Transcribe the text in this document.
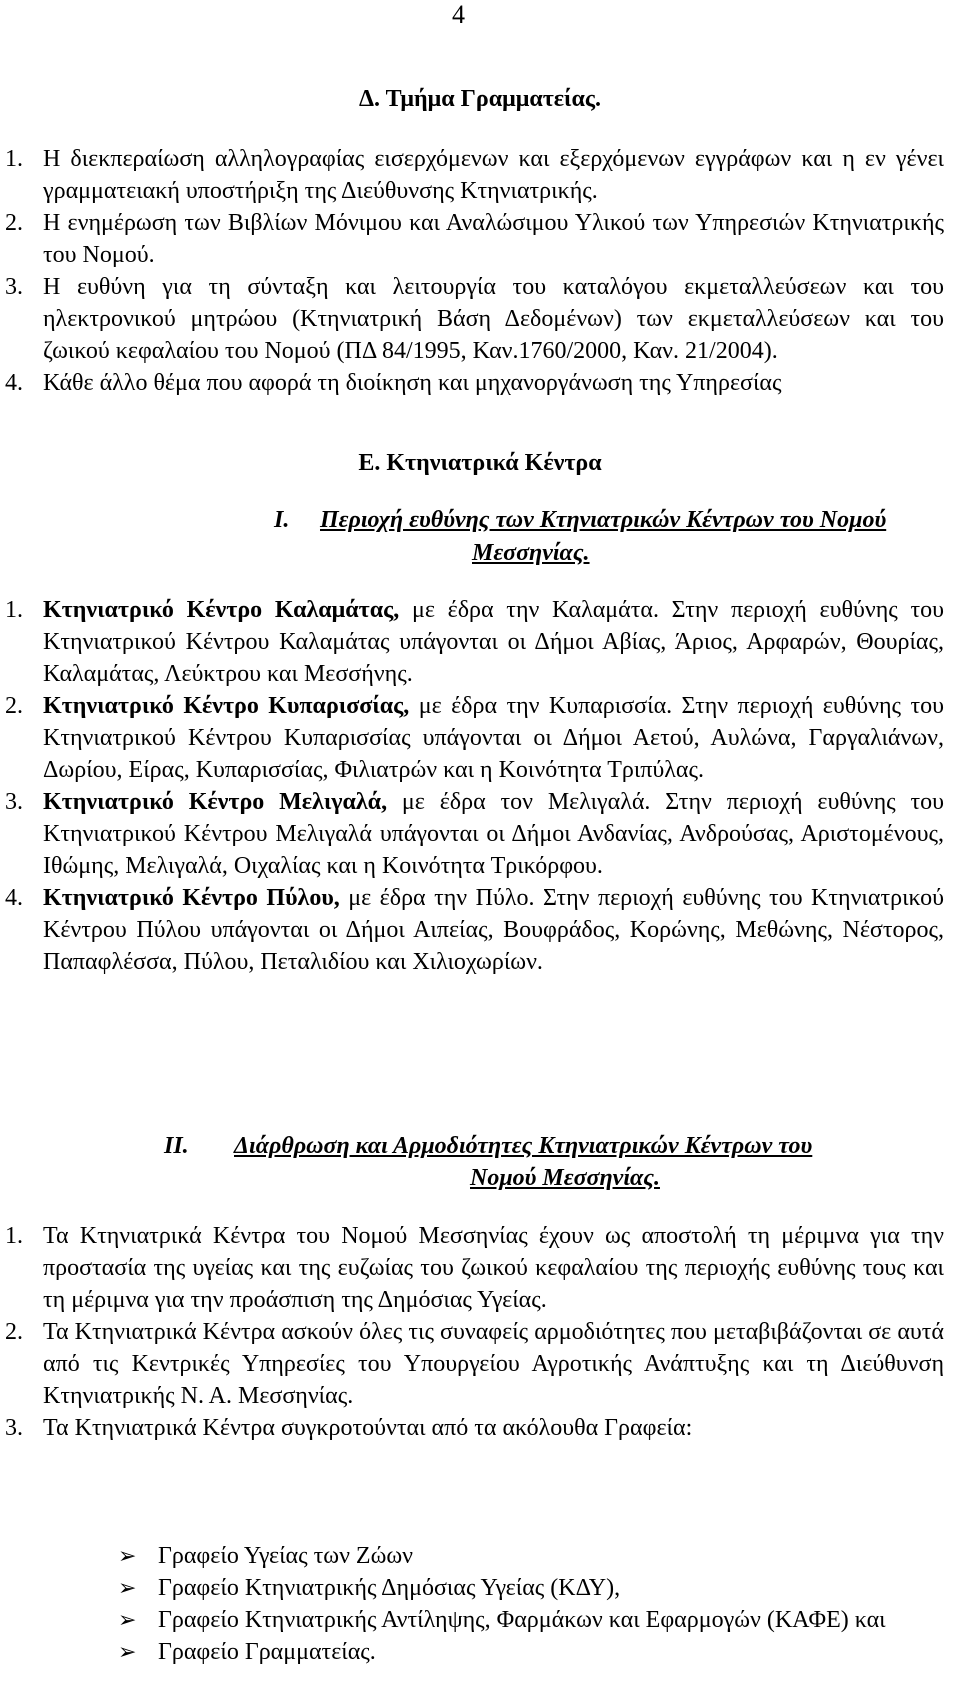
4
Δ. Τμήμα Γραμματείας.
1. Η διεκπεραίωση αλληλογραφίας εισερχόμενων και εξερχόμενων εγγράφων και η εν γένει γραμματειακή υποστήριξη της Διεύθυνσης Κτηνιατρικής.
2. Η ενημέρωση των Βιβλίων Μόνιμου και Αναλώσιμου Υλικού των Υπηρεσιών Κτηνιατρικής του Νομού.
3. Η ευθύνη για τη σύνταξη και λειτουργία του καταλόγου εκμεταλλεύσεων και του ηλεκτρονικού μητρώου (Κτηνιατρική Βάση Δεδομένων) των εκμεταλλεύσεων και του ζωικού κεφαλαίου του Νομού (ΠΔ 84/1995, Καν.1760/2000, Καν. 21/2004).
4. Κάθε άλλο θέμα που αφορά τη διοίκηση και μηχανοργάνωση της Υπηρεσίας
Ε. Κτηνιατρικά Κέντρα
Ι. Περιοχή ευθύνης των Κτηνιατρικών Κέντρων του Νομού
Μεσσηνίας.
1. Κτηνιατρικό Κέντρο Καλαμάτας, με έδρα την Καλαμάτα. Στην περιοχή ευθύνης του Κτηνιατρικού Κέντρου Καλαμάτας υπάγονται οι Δήμοι Αβίας, Άριος, Αρφαρών, Θουρίας, Καλαμάτας, Λεύκτρου και Μεσσήνης.
2. Κτηνιατρικό Κέντρο Κυπαρισσίας, με έδρα την Κυπαρισσία. Στην περιοχή ευθύνης του Κτηνιατρικού Κέντρου Κυπαρισσίας υπάγονται οι Δήμοι Αετού, Αυλώνα, Γαργαλιάνων, Δωρίου, Είρας, Κυπαρισσίας, Φιλιατρών και η Κοινότητα Τριπύλας.
3. Κτηνιατρικό Κέντρο Μελιγαλά, με έδρα τον Μελιγαλά. Στην περιοχή ευθύνης του Κτηνιατρικού Κέντρου Μελιγαλά υπάγονται οι Δήμοι Ανδανίας, Ανδρούσας, Αριστομένους, Ιθώμης, Μελιγαλά, Οιχαλίας και η Κοινότητα Τρικόρφου.
4. Κτηνιατρικό Κέντρο Πύλου, με έδρα την Πύλο. Στην περιοχή ευθύνης του Κτηνιατρικού Κέντρου Πύλου υπάγονται οι Δήμοι Αιπείας, Βουφράδος, Κορώνης, Μεθώνης, Νέστορος, Παπαφλέσσα, Πύλου, Πεταλιδίου και Χιλιοχωρίων.
ΙΙ. Διάρθρωση και Αρμοδιότητες Κτηνιατρικών Κέντρων του
Νομού Μεσσηνίας.
1. Τα Κτηνιατρικά Κέντρα του Νομού Μεσσηνίας έχουν ως αποστολή τη μέριμνα για την προστασία της υγείας και της ευζωίας του ζωικού κεφαλαίου της περιοχής ευθύνης τους και τη μέριμνα για την προάσπιση της Δημόσιας Υγείας.
2. Τα Κτηνιατρικά Κέντρα ασκούν όλες τις συναφείς αρμοδιότητες που μεταβιβάζονται σε αυτά από τις Κεντρικές Υπηρεσίες του Υπουργείου Αγροτικής Ανάπτυξης και τη Διεύθυνση Κτηνιατρικής Ν. Α. Μεσσηνίας.
3. Τα Κτηνιατρικά Κέντρα συγκροτούνται από τα ακόλουθα Γραφεία:
➢ Γραφείο Υγείας των Ζώων
➢ Γραφείο Κτηνιατρικής Δημόσιας Υγείας (ΚΔΥ),
➢ Γραφείο Κτηνιατρικής Αντίληψης, Φαρμάκων και Εφαρμογών (ΚΑΦΕ) και
➢ Γραφείο Γραμματείας.
